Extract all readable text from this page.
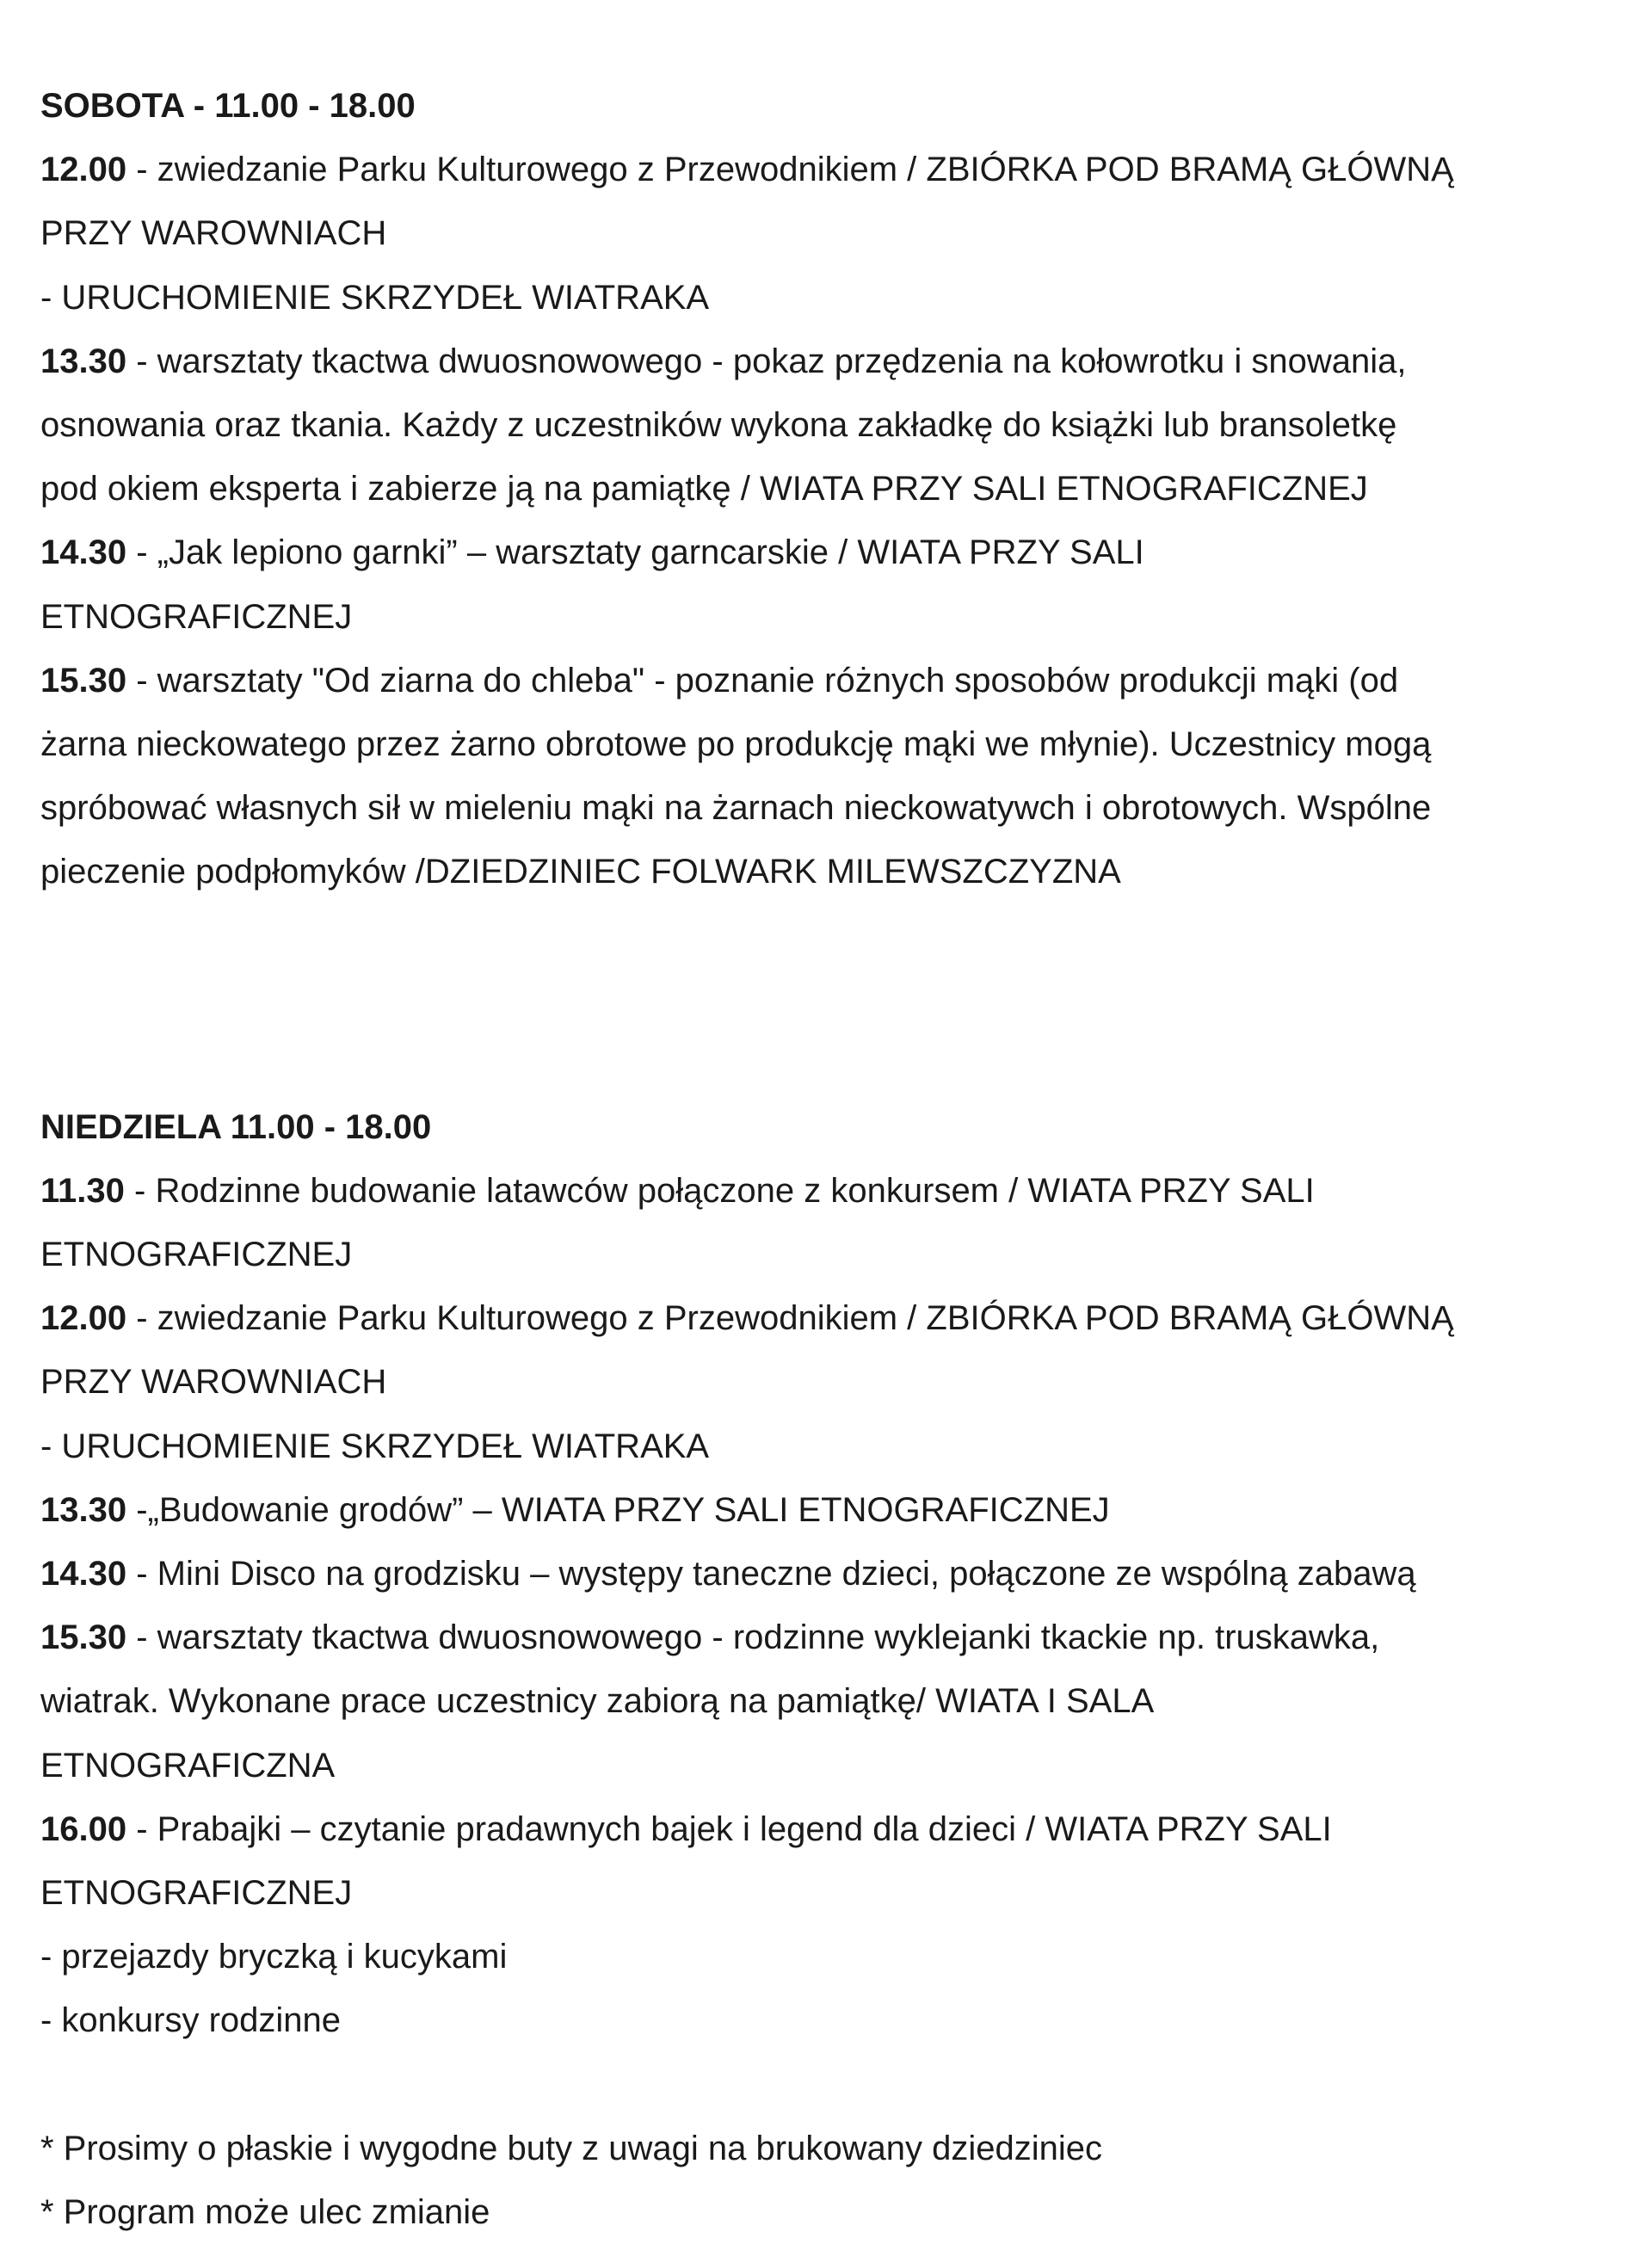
SOBOTA - 11.00 - 18.00
12.00 - zwiedzanie Parku Kulturowego z Przewodnikiem / ZBIÓRKA POD BRAMĄ GŁÓWNĄ
PRZY WAROWNIACH
- URUCHOMIENIE SKRZYDEŁ WIATRAKA
13.30 - warsztaty tkactwa dwuosnowowego - pokaz przędzenia na kołowrotku i snowania,
osnowania oraz tkania. Każdy z uczestników wykona zakładkę do książki lub bransoletkę
pod okiem eksperta i zabierze ją na pamiątkę / WIATA PRZY SALI ETNOGRAFICZNEJ
14.30 - „Jak lepiono garnki” – warsztaty garncarskie / WIATA PRZY SALI
ETNOGRAFICZNEJ
15.30 - warsztaty "Od ziarna do chleba" - poznanie różnych sposobów produkcji mąki (od
żarna nieckowatego przez żarno obrotowe po produkcję mąki we młynie). Uczestnicy mogą
spróbować własnych sił w mieleniu mąki na żarnach nieckowatywch i obrotowych. Wspólne
pieczenie podpłomyków /DZIEDZINIEC FOLWARK MILEWSZCZYZNA
NIEDZIELA 11.00 - 18.00
11.30 - Rodzinne budowanie latawców połączone z konkursem / WIATA PRZY SALI
ETNOGRAFICZNEJ
12.00 - zwiedzanie Parku Kulturowego z Przewodnikiem / ZBIÓRKA POD BRAMĄ GŁÓWNĄ
PRZY WAROWNIACH
- URUCHOMIENIE SKRZYDEŁ WIATRAKA
13.30 -„Budowanie grodów” – WIATA PRZY SALI ETNOGRAFICZNEJ
14.30 - Mini Disco na grodzisku – występy taneczne dzieci, połączone ze wspólną zabawą
15.30 - warsztaty tkactwa dwuosnowowego - rodzinne wyklejanki tkackie np. truskawka,
wiatrak. Wykonane prace uczestnicy zabiorą na pamiątkę/ WIATA I SALA
ETNOGRAFICZNA
16.00 - Prabajki – czytanie pradawnych bajek i legend dla dzieci / WIATA PRZY SALI
ETNOGRAFICZNEJ
- przejazdy bryczką i kucykami
- konkursy rodzinne
* Prosimy o płaskie i wygodne buty z uwagi na brukowany dziedziniec
* Program może ulec zmianie
